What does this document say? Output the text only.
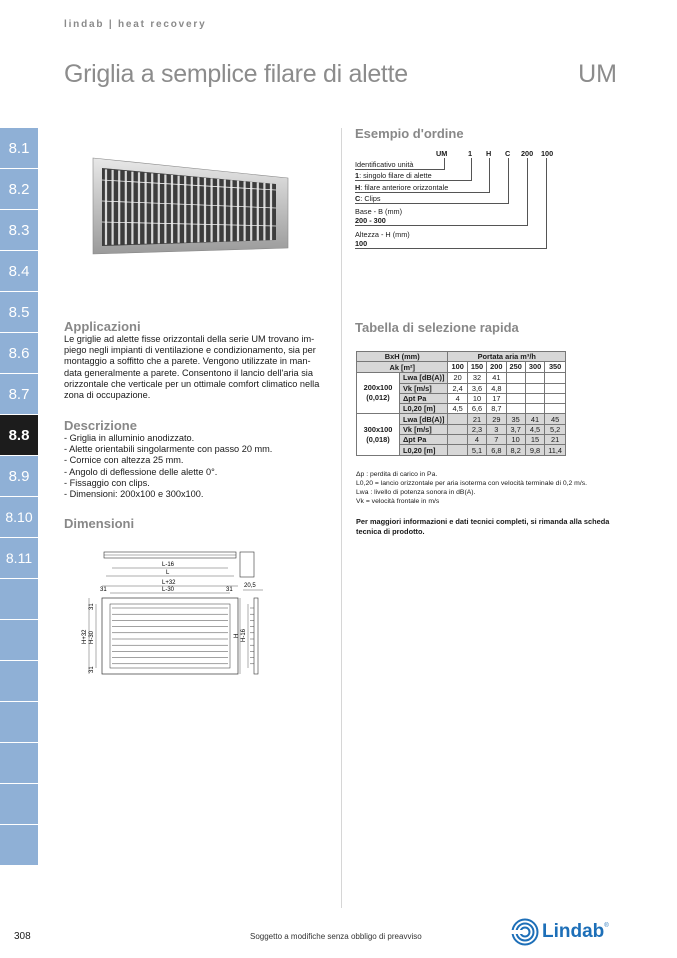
lindab | heat recovery
Griglia a semplice filare di alette	UM
8.1
8.2
8.3
8.4
8.5
8.6
8.7
8.8
8.9
8.10
8.11
Applicazioni
Le griglie ad alette fisse orizzontali della serie UM trovano im-
piego negli impianti di ventilazione e condizionamento, sia per
montaggio a soffitto che a parete. Vengono utilizzate in man-
data generalmente a parete. Consentono il lancio dell'aria sia
orizzontale che verticale per un ottimale comfort climatico nella
zona di occupazione.
Descrizione
- Griglia in alluminio anodizzato.
- Alette orientabili singolarmente con passo 20 mm.
- Cornice con altezza 25 mm.
- Angolo di deflessione delle alette 0°.
- Fissaggio con clips.
- Dimensioni: 200x100 e 300x100.
Dimensioni
L-16
L
L+32
L-30
31	31
H+32 H-30
31
31
20,5
H-16
H
Esempio d'ordine
UM	1 H C 200 100
Identificativo unità
1: singolo filare di alette
H: filare anteriore orizzontale
C: Clips
Base - B (mm)
200 - 300
Altezza - H (mm)
100
Tabella di selezione rapida
BxH (mm)		Portata aria m³/h					
Ak [m²]		100	150	200	250	300	350

200x100
(0,012)	Lwa [dB(A)]	20	32	41			
	Vk [m/s]	2,4	3,6	4,8			
	Δpt Pa	4	10	17			
	L0,20 [m]	4,5	6,6	8,7			

300x100
(0,018)	Lwa [dB(A)]		21	29	35	41	45
	Vk [m/s]		2,3	3	3,7	4,5	5,2
	Δpt Pa		4	7	10	15	21
	L0,20 [m]		5,1	6,8	8,2	9,8	11,4
Δp : perdita di carico in Pa.
L0,20 = lancio orizzontale per aria isoterma con velocità terminale di 0,2 m/s.
Lwa : livello di potenza sonora in dB(A).
Vk = velocità frontale in m/s
Per maggiori informazioni e dati tecnici completi, si rimanda alla scheda tecnica di prodotto.
308	Soggetto a modifiche senza obbligo di preavviso	Lindab ®
